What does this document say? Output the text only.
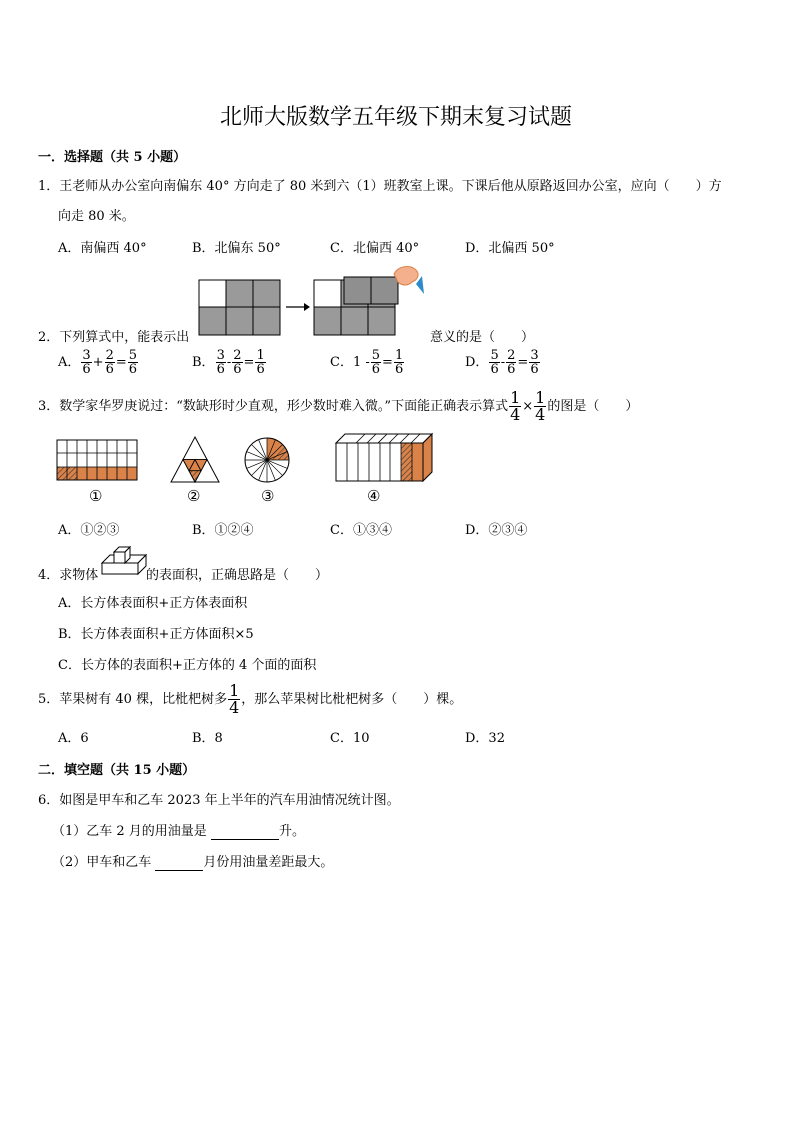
北师大版数学五年级下期末复习试题
一．选择题（共 5 小题）
1．王老师从办公室向南偏东 40° 方向走了 80 米到六（1）班教室上课。下课后他从原路返回办公室，应向（　　）方
向走 80 米。
A．南偏西 40°	B．北偏东 50°	C．北偏西 40°	D．北偏西 50°
2．下列算式中，能表示出	意义的是（　　）
A． $\frac{3}{6} + \frac{2}{6} = \frac{5}{6}$	B． $\frac{3}{6} - \frac{2}{6} = \frac{1}{6}$	C．$1 - \frac{5}{6} = \frac{1}{6}$	D． $\frac{5}{6} - \frac{2}{6} = \frac{3}{6}$
3．数学家华罗庚说过：“数缺形时少直观，形少数时难入微。”下面能正确表示算式 $\frac{1}{4} \times \frac{1}{4}$ 的图是（　　）
①	②	③	④
A．①②③	B．①②④	C．①③④	D．②③④
4．求物体	的表面积，正确思路是（　　）
A．长方体表面积+正方体表面积
B．长方体表面积+正方体面积×5
C．长方体的表面积+正方体的 4 个面的面积
5．苹果树有 40 棵，比枇杷树多 $\frac{1}{4}$ ，那么苹果树比枇杷树多（　　）棵。
A．6	B．8	C．10	D．32
二．填空题（共 15 小题）
6．如图是甲车和乙车 2023 年上半年的汽车用油情况统计图。
（1）乙车 2 月的用油量是	升。
（2）甲车和乙车	月份用油量差距最大。
